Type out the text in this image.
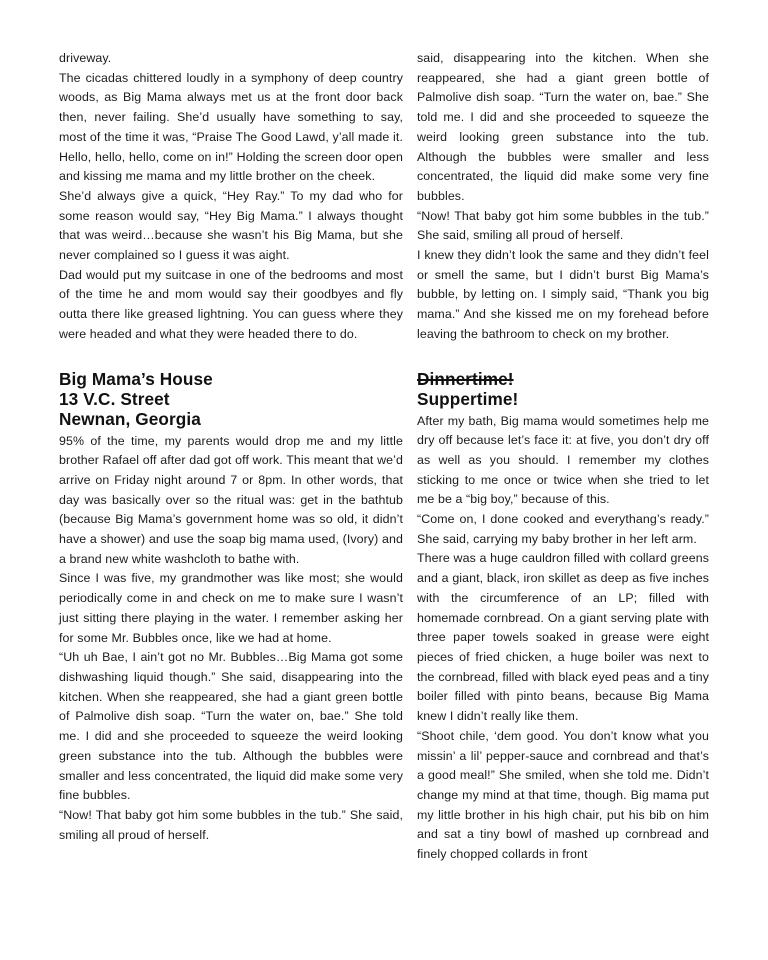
driveway.

The cicadas chittered loudly in a symphony of deep country woods, as Big Mama always met us at the front door back then, never failing. She’d usually have something to say, most of the time it was, “Praise The Good Lawd, y’all made it. Hello, hello, hello, come on in!” Holding the screen door open and kissing me mama and my little brother on the cheek.

She’d always give a quick, “Hey Ray.” To my dad who for some reason would say, “Hey Big Mama.” I always thought that was weird…because she wasn’t his Big Mama, but she never complained so I guess it was aight.

Dad would put my suitcase in one of the bedrooms and most of the time he and mom would say their goodbyes and fly outta there like greased lightning. You can guess where they were headed and what they were headed there to do.

Big Mama’s House
13 V.C. Street
Newnan, Georgia

95% of the time, my parents would drop me and my little brother Rafael off after dad got off work. This meant that we’d arrive on Friday night around 7 or 8pm. In other words, that day was basically over so the ritual was: get in the bathtub (because Big Mama’s government home was so old, it didn’t have a shower) and use the soap big mama used, (Ivory) and a brand new white washcloth to bathe with.

Since I was five, my grandmother was like most; she would periodically come in and check on me to make sure I wasn’t just sitting there playing in the water. I remember asking her for some Mr. Bubbles once, like we had at home.

“Uh uh Bae, I ain’t got no Mr. Bubbles…Big Mama got some dishwashing liquid though.” She said, disappearing into the kitchen. When she reappeared, she had a giant green bottle of Palmolive dish soap. “Turn the water on, bae.” She told me. I did and she proceeded to squeeze the weird looking green substance into the tub. Although the bubbles were smaller and less concentrated, the liquid did make some very fine bubbles.

“Now! That baby got him some bubbles in the tub.” She said, smiling all proud of herself.

said, disappearing into the kitchen. When she reappeared, she had a giant green bottle of Palmolive dish soap. “Turn the water on, bae.” She told me. I did and she proceeded to squeeze the weird looking green substance into the tub. Although the bubbles were smaller and less concentrated, the liquid did make some very fine bubbles.

“Now! That baby got him some bubbles in the tub.” She said, smiling all proud of herself.

I knew they didn’t look the same and they didn’t feel or smell the same, but I didn’t burst Big Mama’s bubble, by letting on. I simply said, “Thank you big mama.” And she kissed me on my forehead before leaving the bathroom to check on my brother.

Dinnertime!
Suppertime!

After my bath, Big mama would sometimes help me dry off because let’s face it: at five, you don’t dry off as well as you should. I remember my clothes sticking to me once or twice when she tried to let me be a “big boy,” because of this.

“Come on, I done cooked and everythang’s ready.” She said, carrying my baby brother in her left arm.

There was a huge cauldron filled with collard greens and a giant, black, iron skillet as deep as five inches with the circumference of an LP; filled with homemade cornbread. On a giant serving plate with three paper towels soaked in grease were eight pieces of fried chicken, a huge boiler was next to the cornbread, filled with black eyed peas and a tiny boiler filled with pinto beans, because Big Mama knew I didn’t really like them.

“Shoot chile, ‘dem good. You don’t know what you missin’ a lil’ pepper-sauce and cornbread and that’s a good meal!” She smiled, when she told me. Didn’t change my mind at that time, though. Big mama put my little brother in his high chair, put his bib on him and sat a tiny bowl of mashed up cornbread and finely chopped collards in front
